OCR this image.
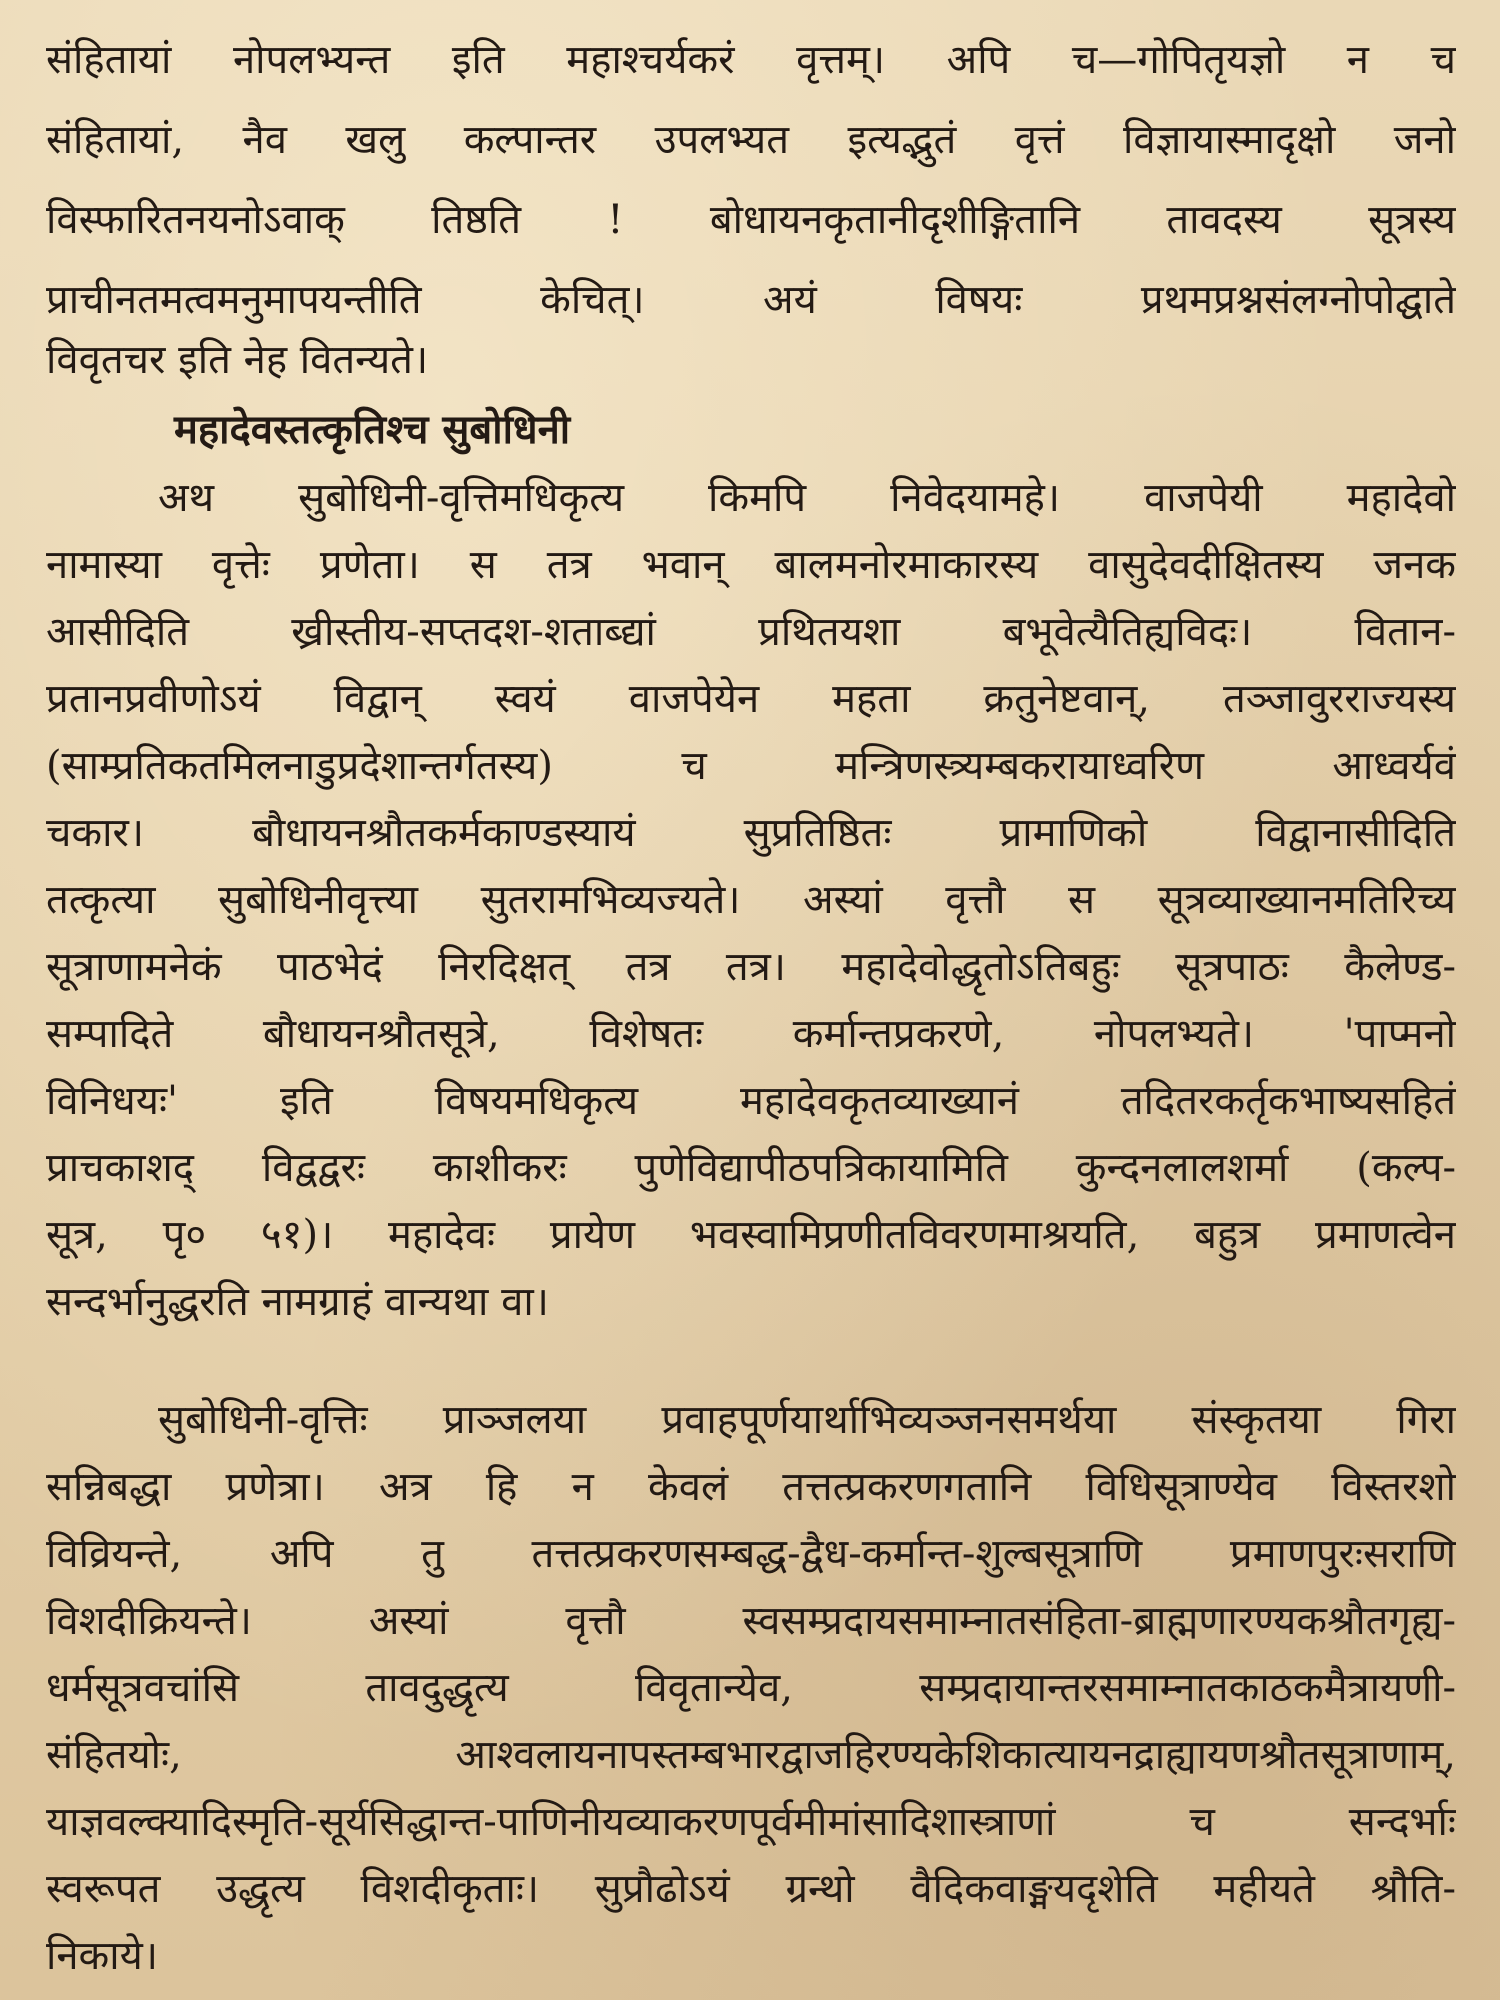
संहितायां नोपलभ्यन्त इति महाश्चर्यकरं वृत्तम्। अपि च—गोपितृयज्ञो न च
संहितायां, नैव खलु कल्पान्तर उपलभ्यत इत्यद्भुतं वृत्तं विज्ञायास्मादृक्षो जनो
विस्फारितनयनोऽवाक् तिष्ठति ! बोधायनकृतानीदृशीङ्गितानि तावदस्य सूत्रस्य
प्राचीनतमत्वमनुमापयन्तीति केचित्। अयं विषयः प्रथमप्रश्नसंलग्नोपोद्घाते
विवृतचर इति नेह वितन्यते।
महादेवस्तत्कृतिश्च सुबोधिनी
अथ सुबोधिनी-वृत्तिमधिकृत्य किमपि निवेदयामहे। वाजपेयी महादेवो
नामास्या वृत्तेः प्रणेता। स तत्र भवान् बालमनोरमाकारस्य वासुदेवदीक्षितस्य जनक
आसीदिति ख्रीस्तीय-सप्तदश-शताब्द्यां प्रथितयशा बभूवेत्यैतिह्यविदः। वितान-
प्रतानप्रवीणोऽयं विद्वान् स्वयं वाजपेयेन महता क्रतुनेष्टवान्, तञ्जावुरराज्यस्य
(साम्प्रतिकतमिलनाडुप्रदेशान्तर्गतस्य) च मन्त्रिणस्त्र्यम्बकरायाध्वरिण आध्वर्यवं
चकार। बौधायनश्रौतकर्मकाण्डस्यायं सुप्रतिष्ठितः प्रामाणिको विद्वानासीदिति
तत्कृत्या सुबोधिनीवृत्त्या सुतरामभिव्यज्यते। अस्यां वृत्तौ स सूत्रव्याख्यानमतिरिच्य
सूत्राणामनेकं पाठभेदं निरदिक्षत् तत्र तत्र। महादेवोद्धृतोऽतिबहुः सूत्रपाठः कैलेण्ड-
सम्पादिते बौधायनश्रौतसूत्रे, विशेषतः कर्मान्तप्रकरणे, नोपलभ्यते। 'पाप्मनो
विनिधयः' इति विषयमधिकृत्य महादेवकृतव्याख्यानं तदितरकर्तृकभाष्यसहितं
प्राचकाशद् विद्वद्वरः काशीकरः पुणेविद्यापीठपत्रिकायामिति कुन्दनलालशर्मा (कल्प-
सूत्र, पृ० ५१)। महादेवः प्रायेण भवस्वामिप्रणीतविवरणमाश्रयति, बहुत्र प्रमाणत्वेन
सन्दर्भानुद्धरति नामग्राहं वान्यथा वा।
सुबोधिनी-वृत्तिः प्राञ्जलया प्रवाहपूर्णयार्थाभिव्यञ्जनसमर्थया संस्कृतया गिरा
सन्निबद्धा प्रणेत्रा। अत्र हि न केवलं तत्तत्प्रकरणगतानि विधिसूत्राण्येव विस्तरशो
विव्रियन्ते, अपि तु तत्तत्प्रकरणसम्बद्ध-द्वैध-कर्मान्त-शुल्बसूत्राणि प्रमाणपुरःसराणि
विशदीक्रियन्ते। अस्यां वृत्तौ स्वसम्प्रदायसमाम्नातसंहिता-ब्राह्मणारण्यकश्रौतगृह्य-
धर्मसूत्रवचांसि तावदुद्धृत्य विवृतान्येव, सम्प्रदायान्तरसमाम्नातकाठकमैत्रायणी-
संहितयोः, आश्वलायनापस्तम्बभारद्वाजहिरण्यकेशिकात्यायनद्राह्यायणश्रौतसूत्राणाम्,
याज्ञवल्क्यादिस्मृति-सूर्यसिद्धान्त-पाणिनीयव्याकरणपूर्वमीमांसादिशास्त्राणां च सन्दर्भाः
स्वरूपत उद्धृत्य विशदीकृताः। सुप्रौढोऽयं ग्रन्थो वैदिकवाङ्मयदृशेति महीयते श्रौति-
निकाये।
